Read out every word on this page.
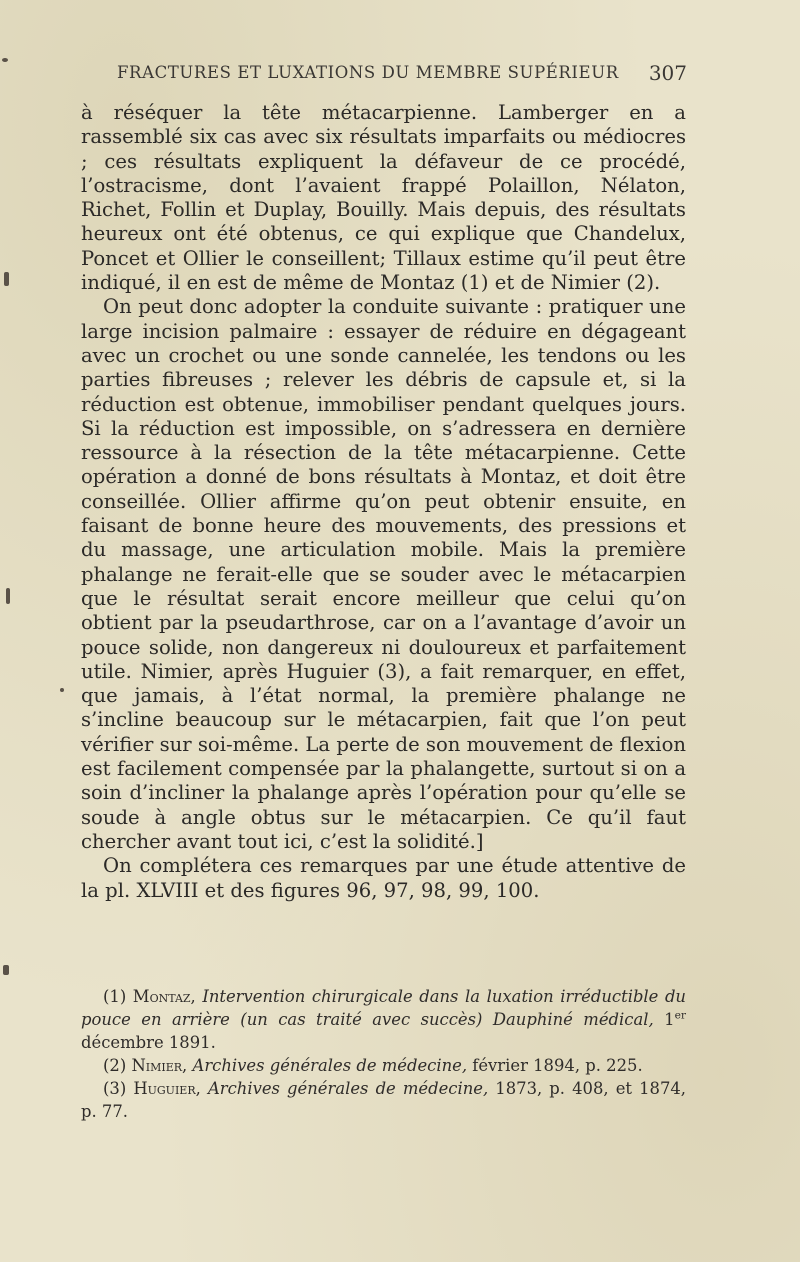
FRACTURES ET LUXATIONS DU MEMBRE SUPÉRIEUR 307

à réséquer la tête métacarpienne. Lamberger en a rassemblé six cas avec six résultats imparfaits ou médiocres ; ces résultats expliquent la défaveur de ce procédé, l’ostracisme, dont l’avaient frappé Polaillon, Nélaton, Richet, Follin et Duplay, Bouilly. Mais depuis, des résultats heureux ont été obtenus, ce qui explique que Chandelux, Poncet et Ollier le conseillent; Tillaux estime qu’il peut être indiqué, il en est de même de Montaz (1) et de Nimier (2).

On peut donc adopter la conduite suivante : pratiquer une large incision palmaire : essayer de réduire en dégageant avec un crochet ou une sonde cannelée, les tendons ou les parties fibreuses ; relever les débris de capsule et, si la réduction est obtenue, immobiliser pendant quelques jours. Si la réduction est impossible, on s’adressera en dernière ressource à la résection de la tête métacarpienne. Cette opération a donné de bons résultats à Montaz, et doit être conseillée. Ollier affirme qu’on peut obtenir ensuite, en faisant de bonne heure des mouvements, des pressions et du massage, une articulation mobile. Mais la première phalange ne ferait-elle que se souder avec le métacarpien que le résultat serait encore meilleur que celui qu’on obtient par la pseudarthrose, car on a l’avantage d’avoir un pouce solide, non dangereux ni douloureux et parfaitement utile. Nimier, après Huguier (3), a fait remarquer, en effet, que jamais, à l’état normal, la première phalange ne s’incline beaucoup sur le métacarpien, fait que l’on peut vérifier sur soi-même. La perte de son mouvement de flexion est facilement compensée par la phalangette, surtout si on a soin d’incliner la phalange après l’opération pour qu’elle se soude à angle obtus sur le métacarpien. Ce qu’il faut chercher avant tout ici, c’est la solidité.]

On complétera ces remarques par une étude attentive de la pl. XLVIII et des figures 96, 97, 98, 99, 100.

(1) Montaz, Intervention chirurgicale dans la luxation irréductible du pouce en arrière (un cas traité avec succès) Dauphiné médical, 1er décembre 1891.

(2) Nimier, Archives générales de médecine, février 1894, p. 225.

(3) Huguier, Archives générales de médecine, 1873, p. 408, et 1874, p. 77.
